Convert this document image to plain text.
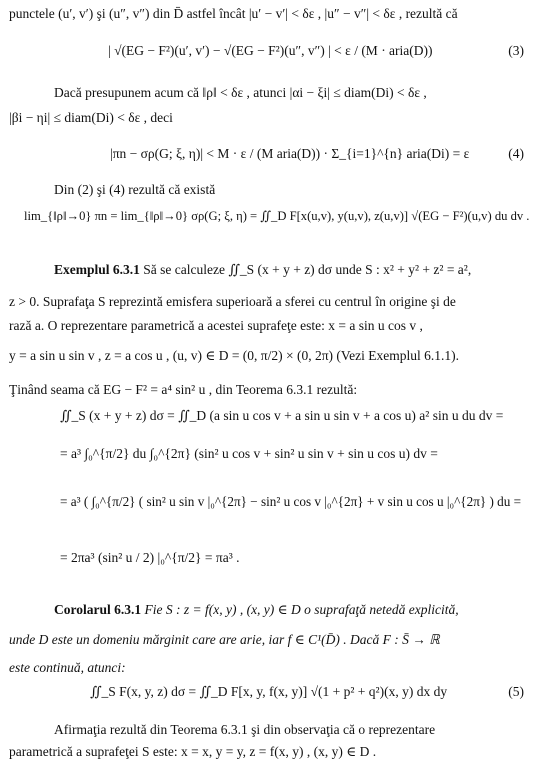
punctele (u′, v′) şi (u″, v″) din D̄ astfel încât |u′ − v′| < δε , |u″ − v″| < δε , rezultă că
| √(EG − F²)(u′, v′) − √(EG − F²)(u″, v″) | < ε / (M · aria(D))	(3)
Dacă presupunem acum că ‖ρ‖ < δε , atunci |αi − ξi| ≤ diam(Di) < δε ,
|βi − ηi| ≤ diam(Di) < δε , deci
|πn − σρ(G; ξ, η)| < M · ε / (M aria(D)) · Σ_{i=1}^{n} aria(Di) = ε	(4)
Din (2) şi (4) rezultă că există
lim_{‖ρ‖→0} πn = lim_{‖ρ‖→0} σρ(G; ξ, η) = ∬_D F[x(u,v), y(u,v), z(u,v)] √(EG − F²)(u,v) du dv .
Exemplul 6.3.1 Să se calculeze ∬_S (x + y + z) dσ unde S : x² + y² + z² = a²,
z > 0. Suprafaţa S reprezintă emisfera superioară a sferei cu centrul în origine şi de
rază a. O reprezentare parametrică a acestei suprafeţe este: x = a sin u cos v ,
y = a sin u sin v , z = a cos u , (u, v) ∈ D = (0, π/2) × (0, 2π) (Vezi Exemplul 6.1.1).
Ţinând seama că EG − F² = a⁴ sin² u , din Teorema 6.3.1 rezultă:
∬_S (x + y + z) dσ = ∬_D (a sin u cos v + a sin u sin v + a cos u) a² sin u du dv =
= a³ ∫₀^{π/2} du ∫₀^{2π} (sin² u cos v + sin² u sin v + sin u cos u) dv =
= a³ ( ∫₀^{π/2} ( sin² u sin v |₀^{2π} − sin² u cos v |₀^{2π} + v sin u cos u |₀^{2π} ) du =
= 2πa³ (sin² u / 2) |₀^{π/2} = πa³ .
Corolarul 6.3.1 Fie S : z = f(x, y) , (x, y) ∈ D o suprafaţă netedă explicită,
unde D este un domeniu mărginit care are arie, iar f ∈ C¹(D̄) . Dacă F : S̄ → ℝ
este continuă, atunci:
∬_S F(x, y, z) dσ = ∬_D F[x, y, f(x, y)] √(1 + p² + q²)(x, y) dx dy	(5)
Afirmaţia rezultă din Teorema 6.3.1 şi din observaţia că o reprezentare
parametrică a suprafeţei S este: x = x, y = y, z = f(x, y) , (x, y) ∈ D .
